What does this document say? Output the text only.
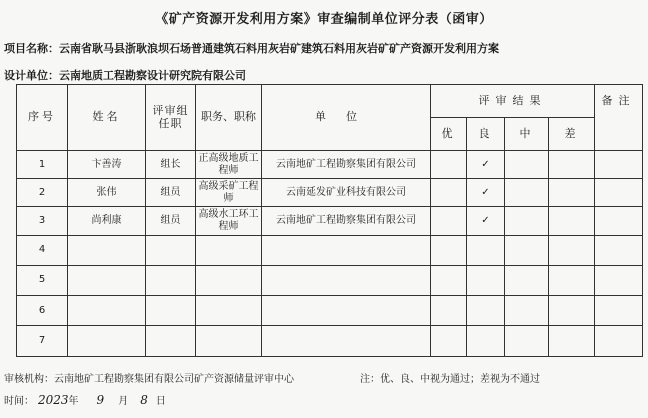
《矿产资源开发利用方案》审查编制单位评分表（函审）
项目名称：云南省耿马县浙耿浪坝石场普通建筑石料用灰岩矿建筑石料用灰岩矿矿产资源开发利用方案
设计单位：云南地质工程勘察设计研究院有限公司
序号	姓名	评审组任职	职务、职称	单位	评审结果				备注
					优	良	中	差	
1	卞善涛	组长	正高级地质工程师	云南地矿工程勘察集团有限公司		✓			
2	张伟	组员	高级采矿工程师	云南延发矿业科技有限公司		✓			
3	尚利康	组员	高级水工环工程师	云南地矿工程勘察集团有限公司		✓			
4									
5									
6									
7									
审核机构：云南地矿工程勘察集团有限公司矿产资源储量评审中心	注：优、良、中视为通过；差视为不通过
时间： 2023年 9 月 8 日
